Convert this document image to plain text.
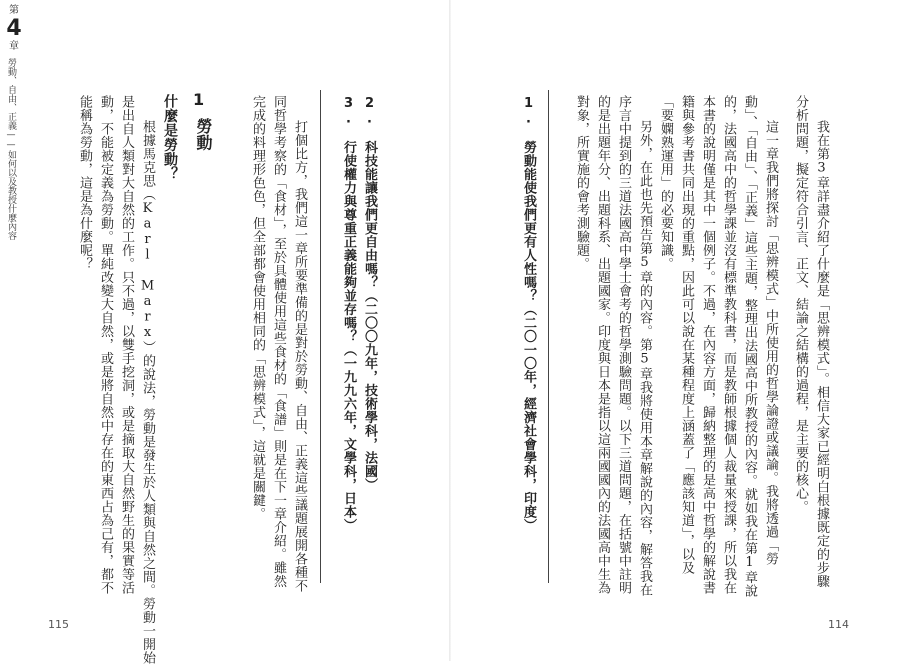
第
4
章
勞動、自由、正義——如何以及教授什麼內容	我在第3章詳盡介紹了什麼是「思辨模式」。相信大家已經明白根據既定的步驟
分析問題，擬定符合引言、正文、結論之結構的過程，是主要的核心。
這一章我們將探討「思辨模式」中所使用的哲學論證或議論。我將透過「勞
動」、「自由」、「正義」這些主題，整理出法國高中所教授的內容。就如我在第1章說
的，法國高中的哲學課並沒有標準教科書，而是教師根據個人裁量來授課，所以我在
本書的說明僅是其中一個例子。不過，在內容方面，歸納整理的是高中哲學的解說書
籍與參考書共同出現的重點，因此可以說在某種程度上涵蓋了「應該知道」，以及
「要嫻熟運用」的必要知識。
另外，在此也先預告第5章的內容。第5章我將使用本章解說的內容，解答我在
序言中提到的三道法國高中學士會考的哲學測驗問題。以下三道問題，在括號中註明
的是出題年分、出題科系、出題國家。印度與日本是指以這兩國國內的法國高中生為
對象，所實施的會考測驗題。
1.　勞動能使我們更有人性嗎？（二〇一〇年，經濟社會學科，印度）
114
2.　科技能讓我們更自由嗎？（二〇〇九年，技術學科，法國）
3.　行使權力與尊重正義能夠並存嗎？（一九九六年，文學科，日本）
打個比方，我們這一章所要準備的是對於勞動、自由、正義這些議題展開各種不
同哲學考察的「食材」，至於具體使用這些食材的「食譜」則是在下一章介紹。雖然
完成的料理形色色，但全部都會使用相同的「思辨模式」，這就是關鍵。
1
勞動
什麼是勞動？
根據馬克思（Karl Marx）的說法，勞動是發生於人類與自然之間。勞動一開始
是出自人類對大自然的工作。只不過，以雙手挖洞，或是摘取大自然野生的果實等活
動，不能被定義為勞動。單純改變大自然，或是將自然中存在的東西占為己有，都不
能稱為勞動，這是為什麼呢？
115
